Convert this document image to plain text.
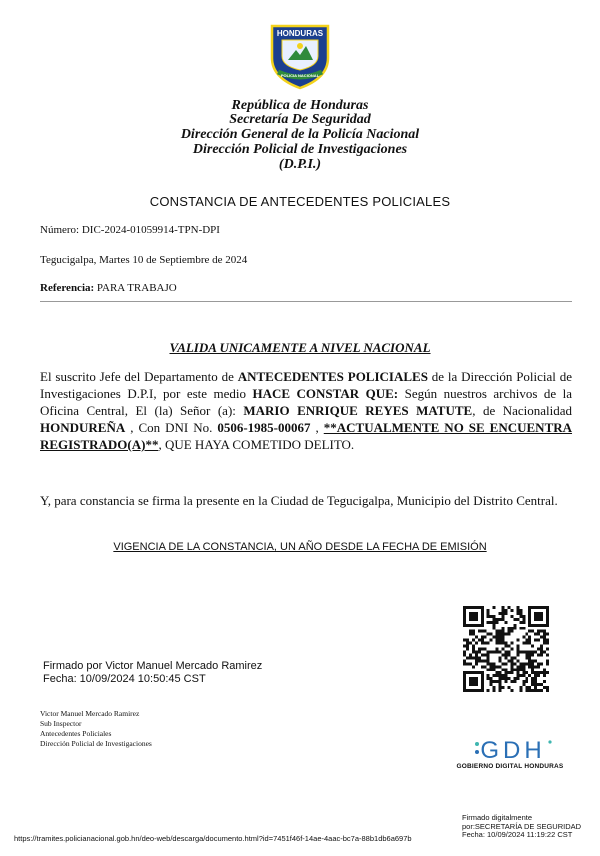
HONDURAS
POLICIA NACIONAL
República de Honduras
Secretaría De Seguridad
Dirección General de la Policía Nacional
Dirección Policial de Investigaciones
(D.P.I.)
CONSTANCIA DE ANTECEDENTES POLICIALES
Número: DIC-2024-01059914-TPN-DPI
Tegucigalpa, Martes 10 de Septiembre de 2024
Referencia: PARA TRABAJO
VALIDA UNICAMENTE A NIVEL NACIONAL
El suscrito Jefe del Departamento de ANTECEDENTES POLICIALES de la Dirección Policial de Investigaciones D.P.I, por este medio HACE CONSTAR QUE: Según nuestros archivos de la Oficina Central, El (la) Señor (a): MARIO ENRIQUE REYES MATUTE, de Nacionalidad HONDUREÑA , Con DNI No. 0506-1985-00067 , **ACTUALMENTE NO SE ENCUENTRA REGISTRADO(A)**, QUE HAYA COMETIDO DELITO.
Y, para constancia se firma la presente en la Ciudad de Tegucigalpa, Municipio del Distrito Central.
VIGENCIA DE LA CONSTANCIA, UN AÑO DESDE LA FECHA DE EMISIÓN
Firmado por Victor Manuel Mercado Ramirez
Fecha: 10/09/2024 10:50:45 CST
Victor Manuel Mercado Ramirez
Sub Inspector
Antecedentes Policiales
Dirección Policial de Investigaciones	GDH
GOBIERNO DIGITAL HONDURAS
https://tramites.policianacional.gob.hn/deo-web/descarga/documento.html?id=7451f46f-14ae-4aac-bc7a-88b1db6a697b
Firmado digitalmente
por:SECRETARÍA DE SEGURIDAD
Fecha: 10/09/2024 11:19:22 CST
